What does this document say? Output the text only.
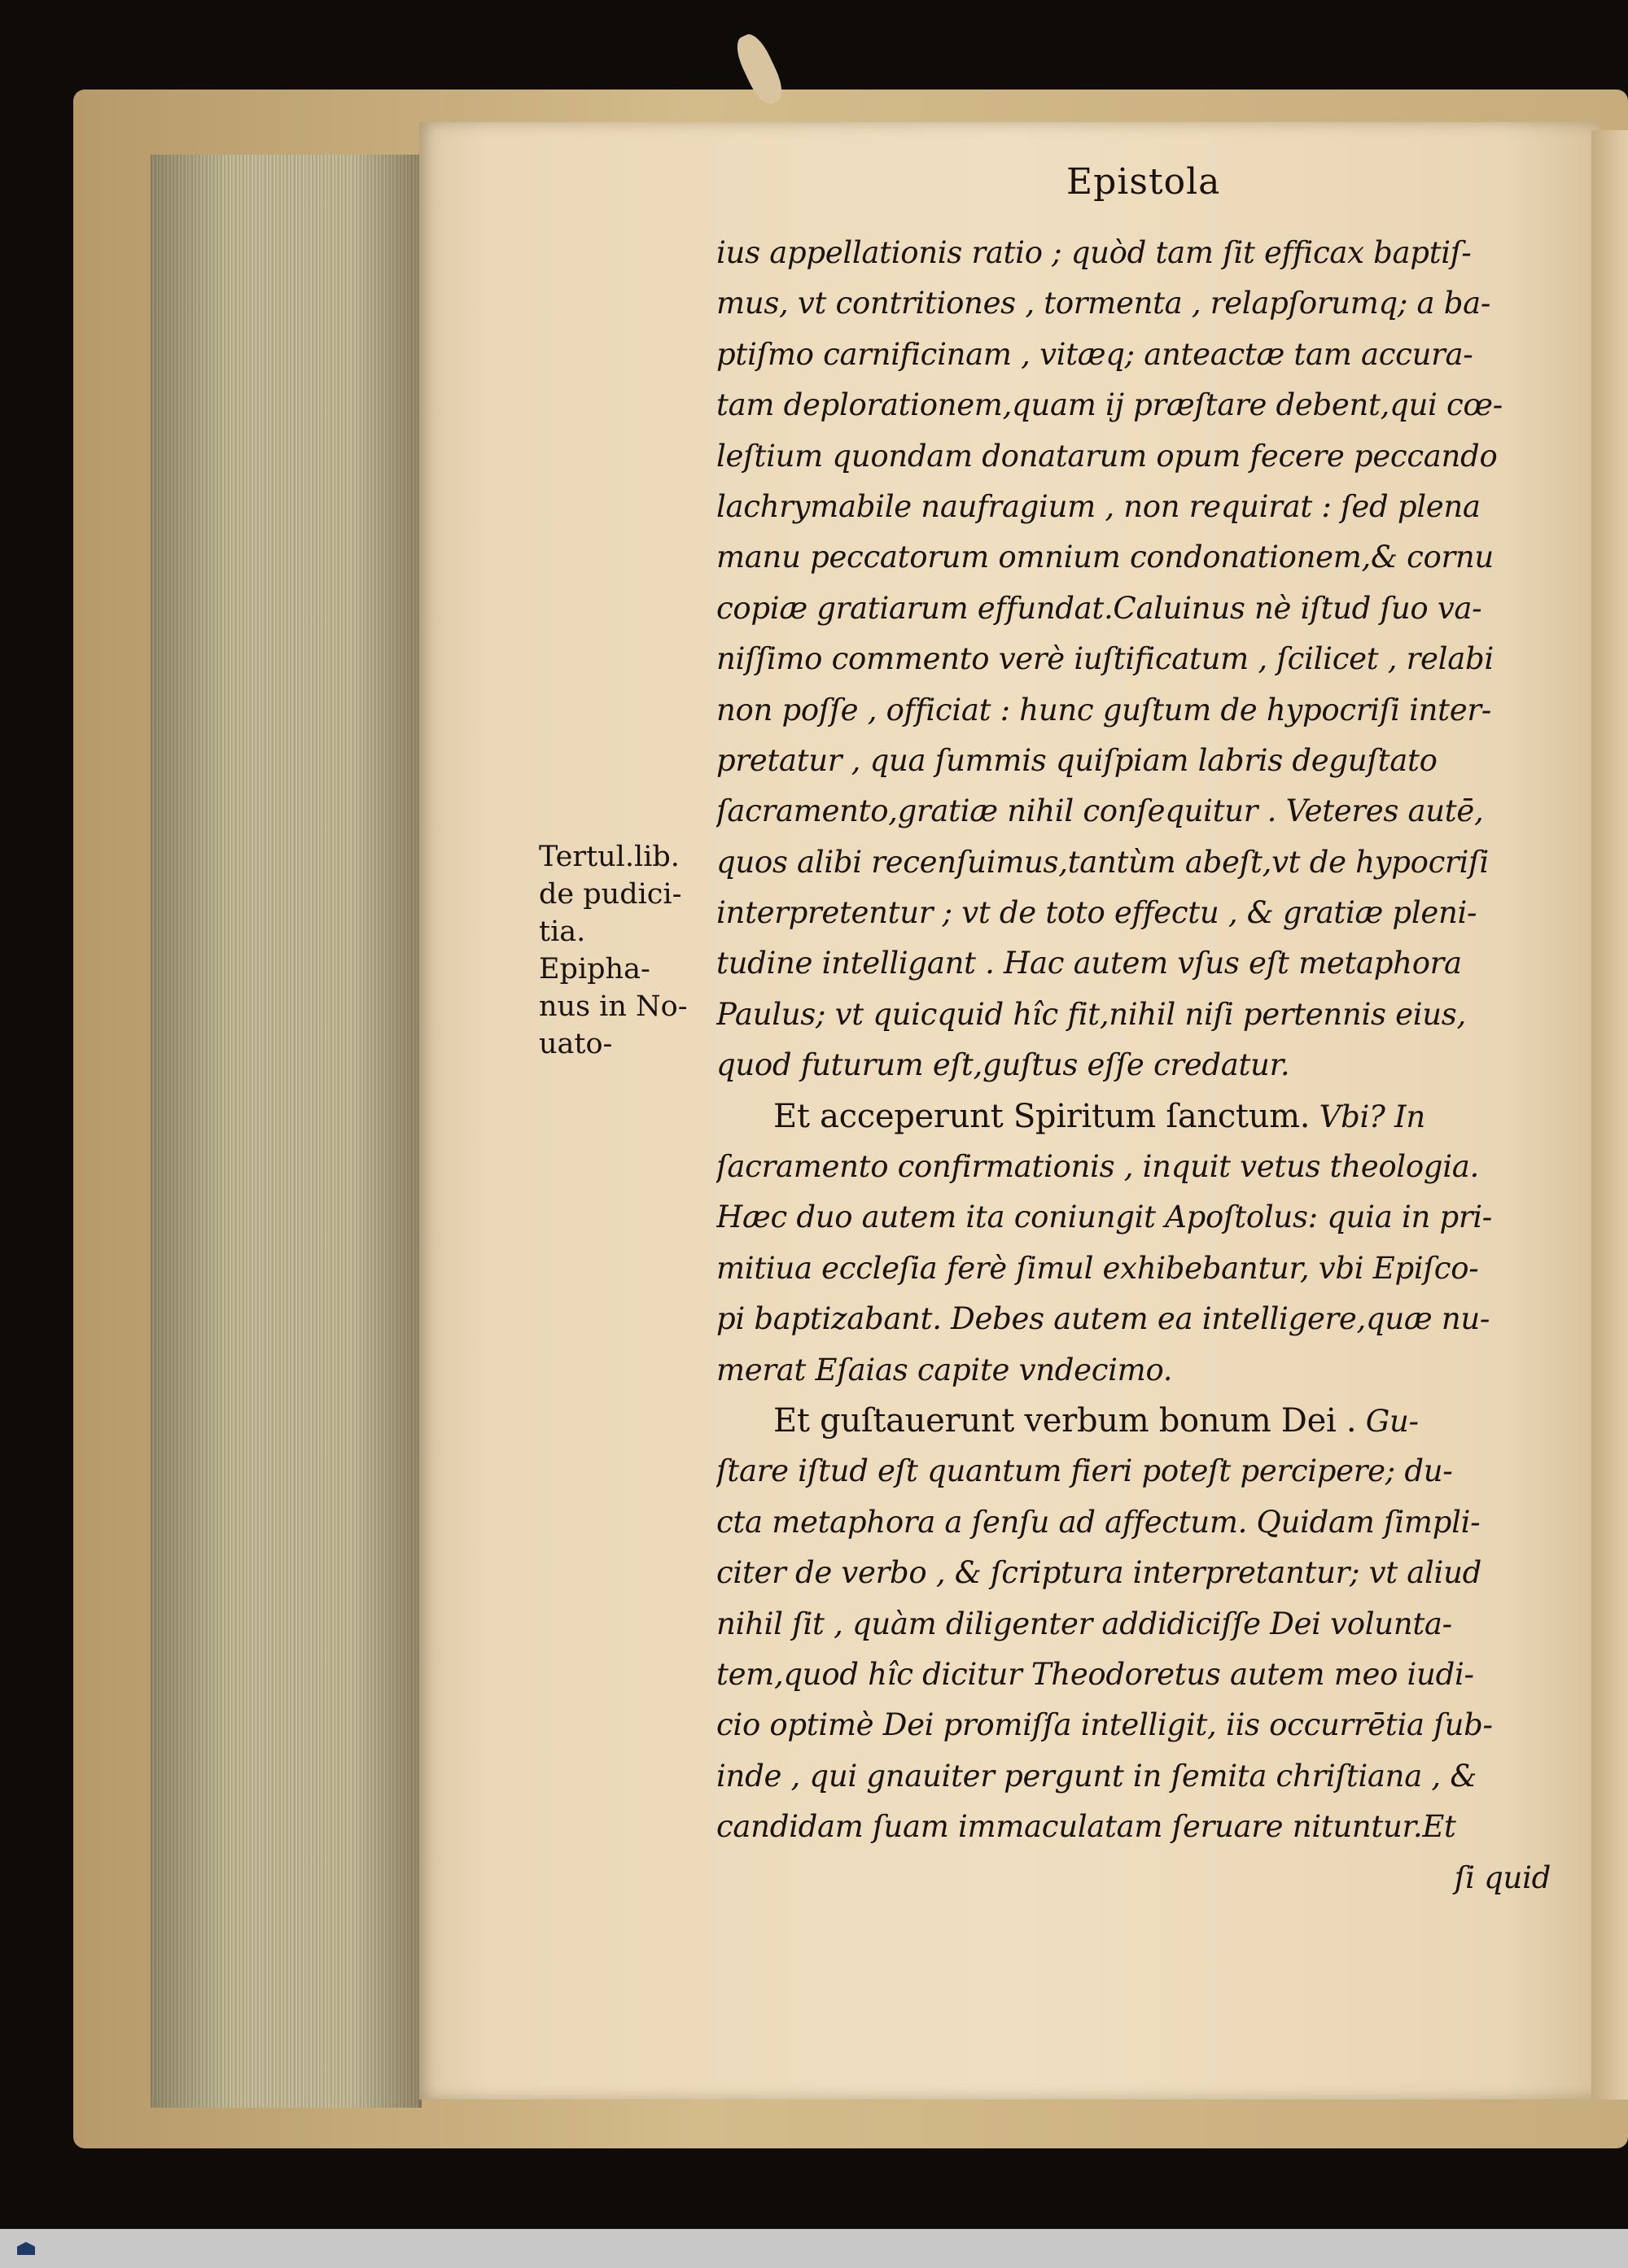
Epistola
Tertul.lib.
de pudici-
tia.
Epipha-
nus in No-
uato-
ius appellationis ratio ; quòd tam ſit efficax baptiſ-
mus, vt contritiones , tormenta , relapſorumq; a ba-
ptiſmo carnificinam , vitæq; anteactæ tam accura-
tam deplorationem,quam ij præſtare debent,qui cœ-
leſtium quondam donatarum opum fecere peccando
lachrymabile naufragium , non requirat : ſed plena
manu peccatorum omnium condonationem,& cornu
copiæ gratiarum effundat.Caluinus nè iſtud ſuo va-
niſſimo commento verè iuſtificatum , ſcilicet , relabi
non poſſe , officiat : hunc guſtum de hypocriſi inter-
pretatur , qua ſummis quiſpiam labris deguſtato
ſacramento,gratiæ nihil conſequitur . Veteres autē,
quos alibi recenſuimus,tantùm abeſt,vt de hypocriſi
interpretentur ; vt de toto effectu , & gratiæ pleni-
tudine intelligant . Hac autem vſus eſt metaphora
Paulus; vt quicquid hîc fit,nihil niſi pertennis eius,
quod futurum eſt,guſtus eſſe credatur.
Et acceperunt Spiritum ſanctum. Vbi? In
ſacramento confirmationis , inquit vetus theologia.
Hæc duo autem ita coniungit Apoſtolus: quia in pri-
mitiua eccleſia ferè ſimul exhibebantur, vbi Epiſco-
pi baptizabant. Debes autem ea intelligere,quæ nu-
merat Eſaias capite vndecimo.
Et guſtauerunt verbum bonum Dei . Gu-
ſtare iſtud eſt quantum fieri poteſt percipere; du-
cta metaphora a ſenſu ad affectum. Quidam ſimpli-
citer de verbo , & ſcriptura interpretantur; vt aliud
nihil ſit , quàm diligenter addidiciſſe Dei volunta-
tem,quod hîc dicitur Theodoretus autem meo iudi-
cio optimè Dei promiſſa intelligit, iis occurrētia ſub-
inde , qui gnauiter pergunt in ſemita chriſtiana , &
candidam ſuam immaculatam ſeruare nituntur.Et
ſi quid
